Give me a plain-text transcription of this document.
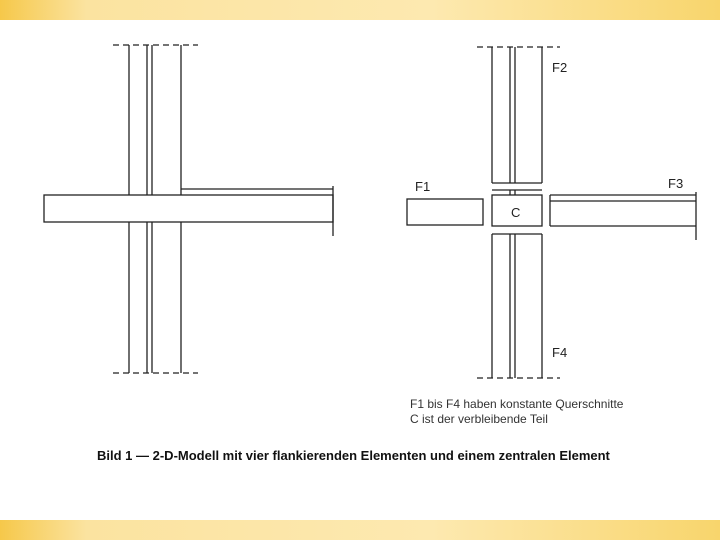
F2
F1	F3
C
F4
F1 bis F4 haben konstante Querschnitte
C ist der verbleibende Teil
Bild 1 — 2-D-Modell mit vier flankierenden Elementen und einem zentralen Element
